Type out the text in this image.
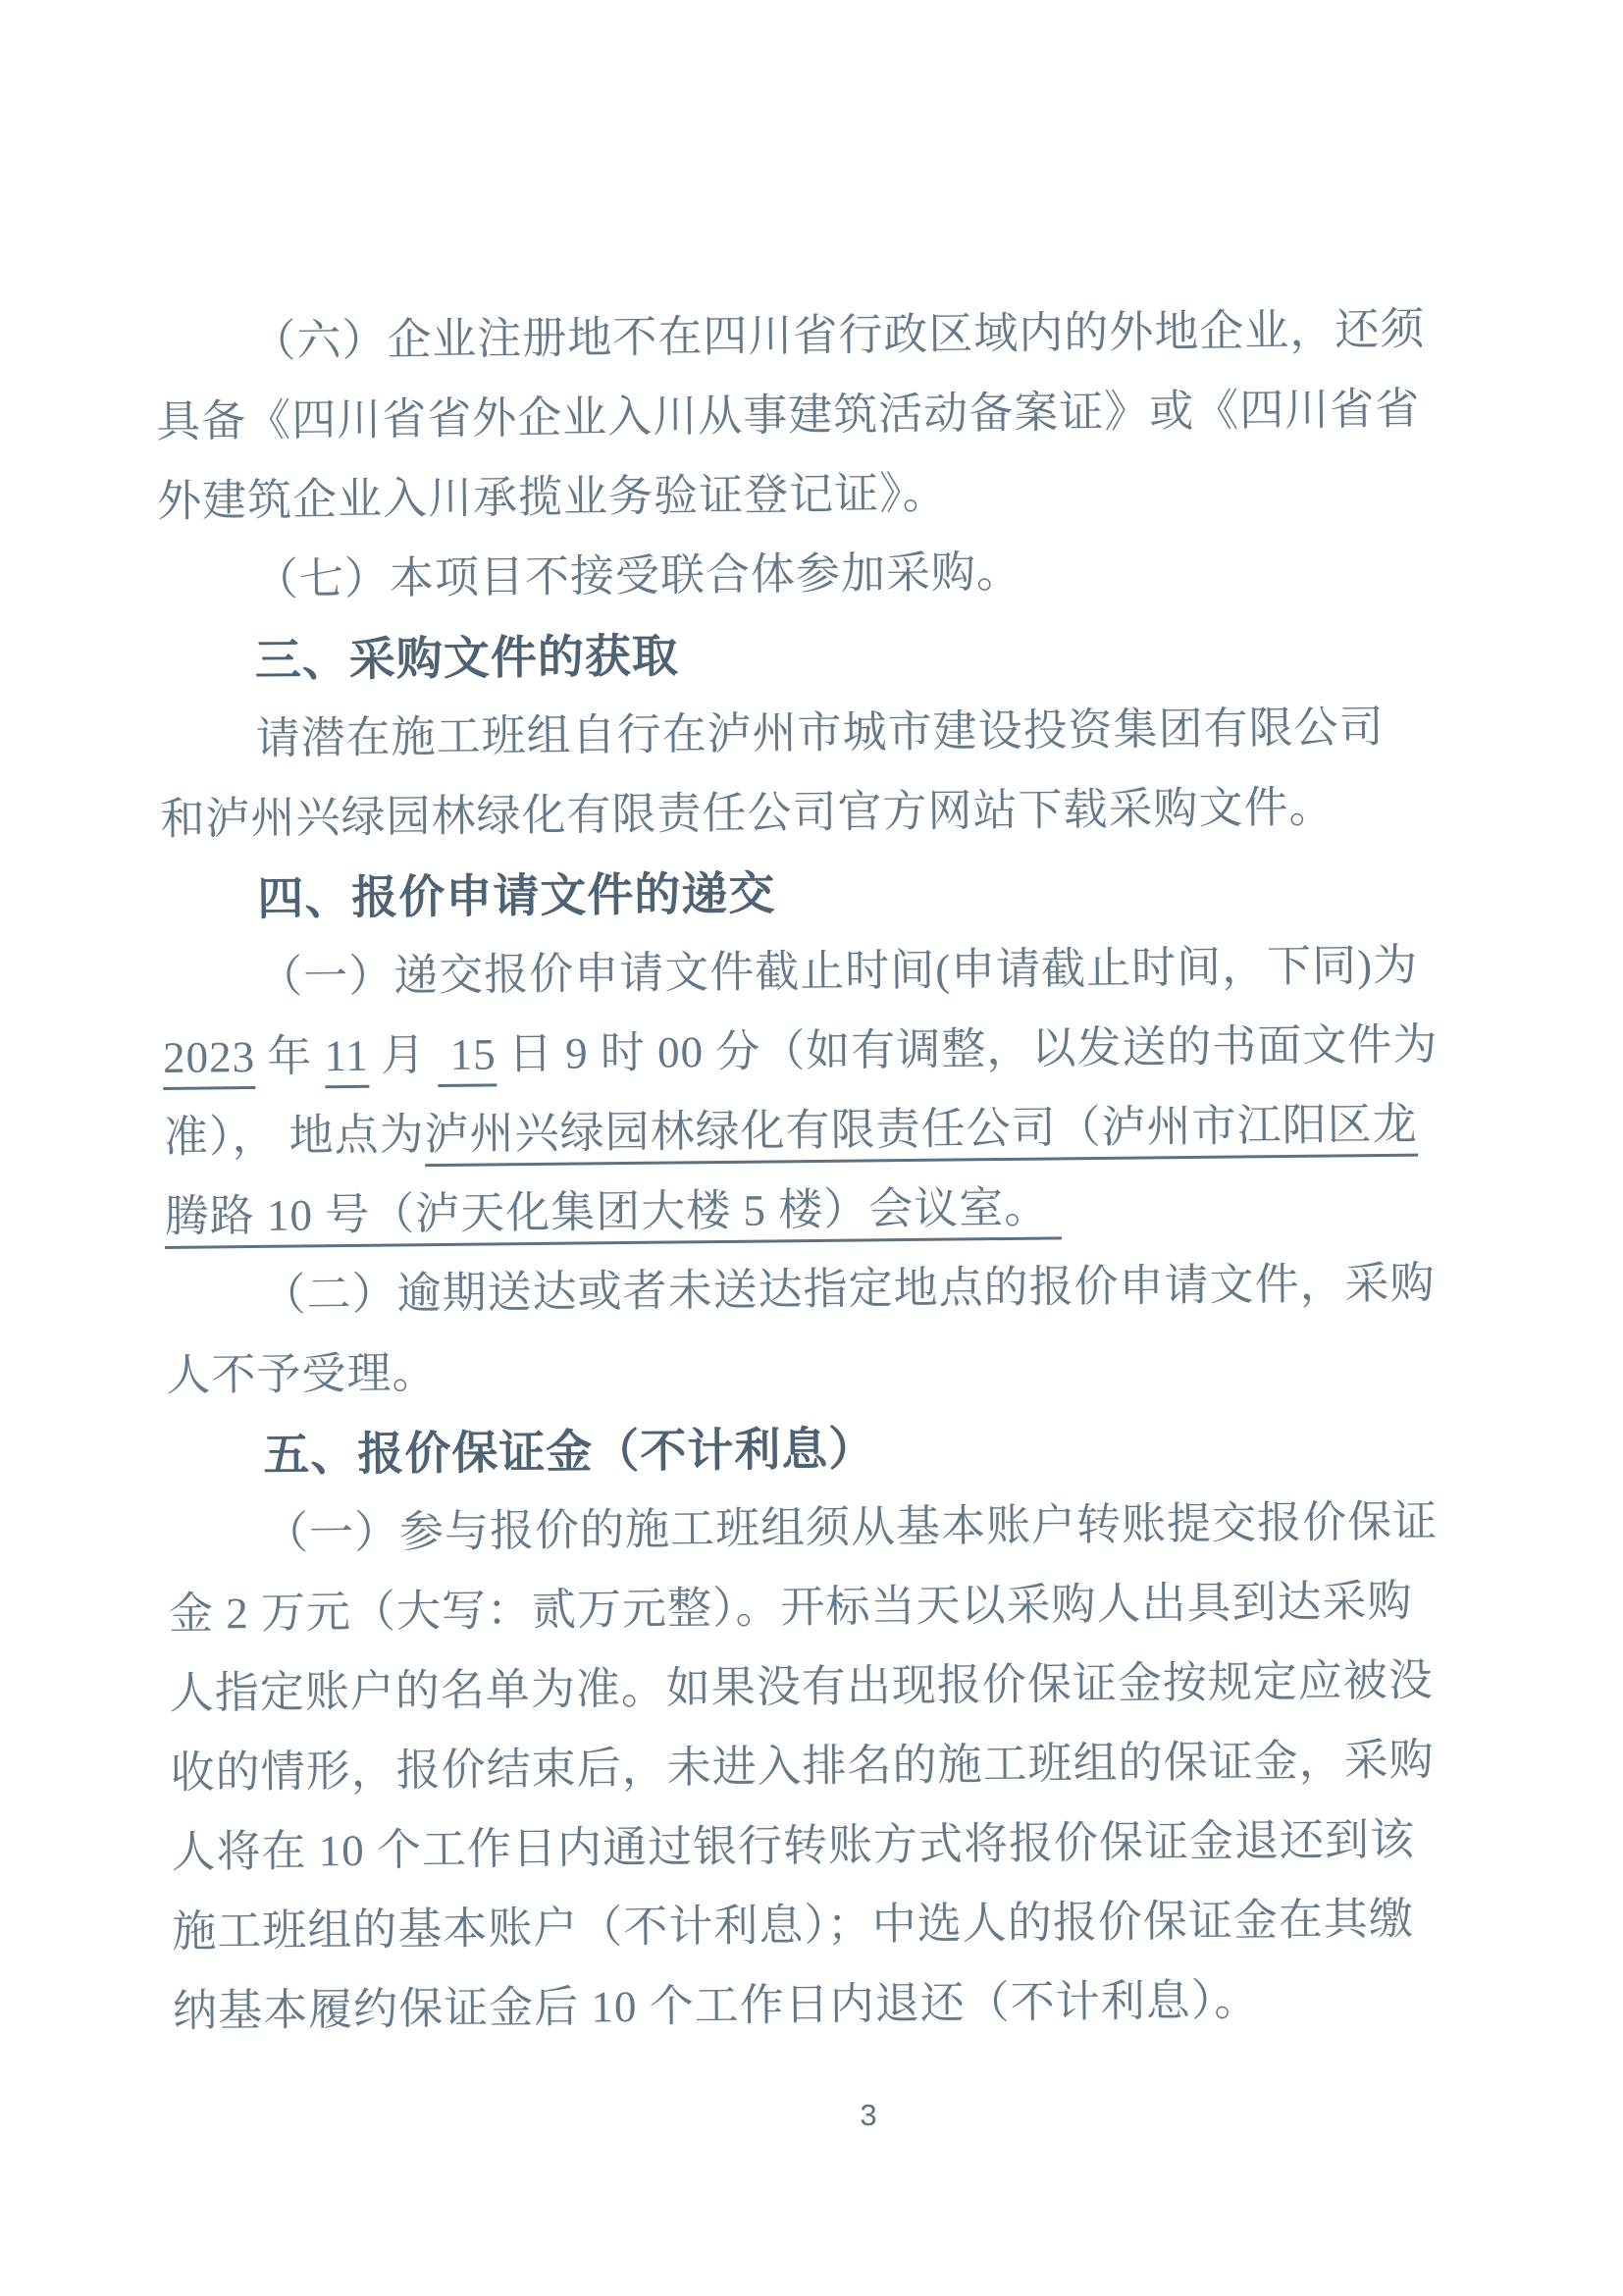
（六）企业注册地不在四川省行政区域内的外地企业，还须
具备《四川省省外企业入川从事建筑活动备案证》或《四川省省
外建筑企业入川承揽业务验证登记证》。
（七）本项目不接受联合体参加采购。
三、采购文件的获取
请潜在施工班组自行在泸州市城市建设投资集团有限公司
和泸州兴绿园林绿化有限责任公司官方网站下载采购文件。
四、报价申请文件的递交
（一）递交报价申请文件截止时间(申请截止时间，下同)为
2023 年 11 月  15 日 9 时 00 分（如有调整，以发送的书面文件为
准）， 地点为泸州兴绿园林绿化有限责任公司（泸州市江阳区龙
腾路 10 号（泸天化集团大楼 5 楼）会议室。
（二）逾期送达或者未送达指定地点的报价申请文件，采购
人不予受理。
五、报价保证金（不计利息）
（一）参与报价的施工班组须从基本账户转账提交报价保证
金 2 万元（大写：贰万元整）。开标当天以采购人出具到达采购
人指定账户的名单为准。如果没有出现报价保证金按规定应被没
收的情形，报价结束后，未进入排名的施工班组的保证金，采购
人将在 10 个工作日内通过银行转账方式将报价保证金退还到该
施工班组的基本账户（不计利息）；中选人的报价保证金在其缴
纳基本履约保证金后 10 个工作日内退还（不计利息）。
3
